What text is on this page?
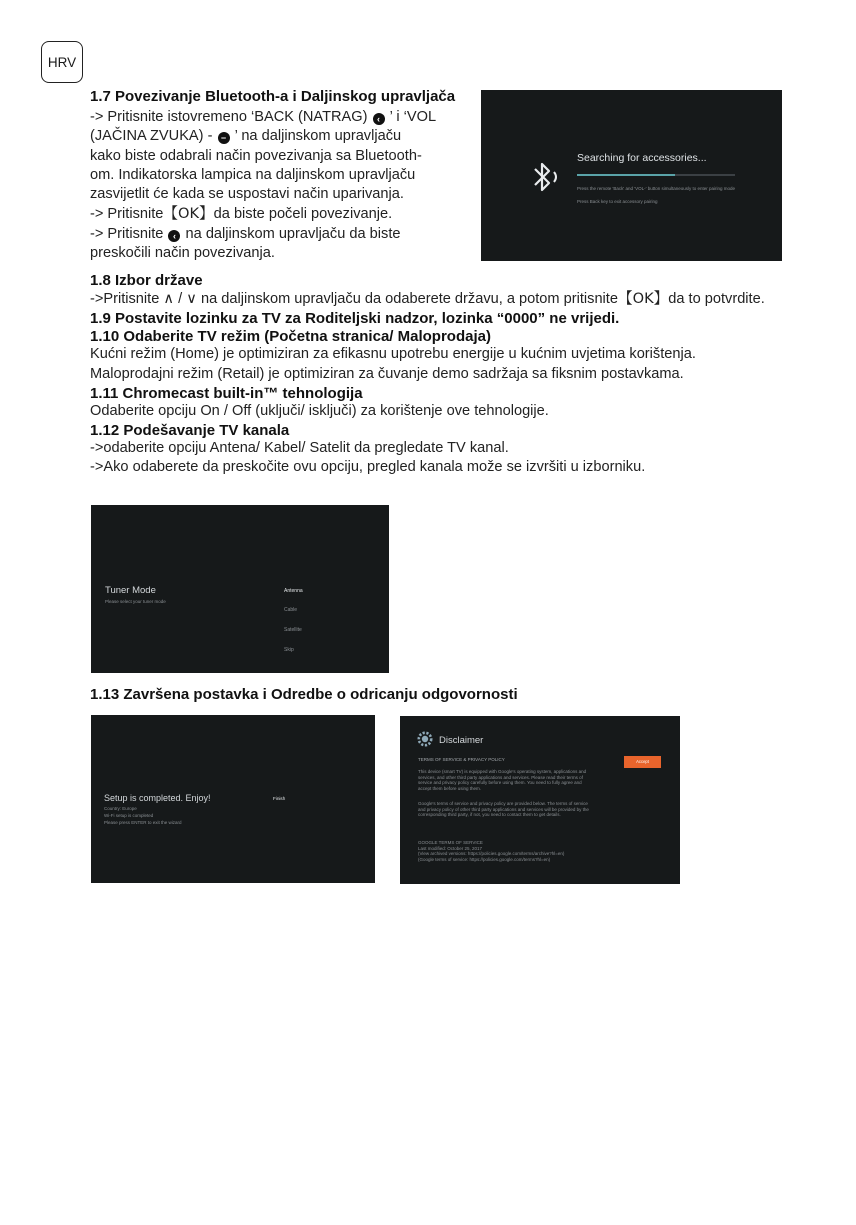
HRV
1.7 Povezivanje Bluetooth-a i Daljinskog upravljača
-> Pritisnite istovremeno ‘BACK (NATRAG) ‹ ’ i ‘VOL
(JAČINA ZVUKA) - − ’ na daljinskom upravljaču
kako biste odabrali način povezivanja sa Bluetooth-
om. Indikatorska lampica na daljinskom upravljaču
zasvijetlit će kada se uspostavi način uparivanja.
-> Pritisnite【OK】da biste počeli povezivanje.
-> Pritisnite ‹ na daljinskom upravljaču da biste
preskočili način povezivanja.
Searching for accessories...
Press the remote 'Back' and 'VOL-' button simultaneously to enter pairing mode
Press Back key to exit accessory pairing
1.8 Izbor države
->Pritisnite ∧ / ∨ na daljinskom upravljaču da odaberete državu, a potom pritisnite【OK】da to potvrdite.
1.9 Postavite lozinku za TV za Roditeljski nadzor, lozinka “0000” ne vrijedi.
1.10 Odaberite TV režim (Početna stranica/ Maloprodaja)
Kućni režim (Home) je optimiziran za efikasnu upotrebu energije u kućnim uvjetima korištenja.
Maloprodajni režim (Retail) je optimiziran za čuvanje demo sadržaja sa fiksnim postavkama.
1.11 Chromecast built-in™ tehnologija
Odaberite opciju On / Off (uključi/ isključi) za korištenje ove tehnologije.
1.12 Podešavanje TV kanala
->odaberite opciju Antena/ Kabel/ Satelit da pregledate TV kanal.
->Ako odaberete da preskočite ovu opciju, pregled kanala može se izvršiti u izborniku.
Tuner Mode
Please select your tuner mode
Antenna
Cable
Satellite
Skip
1.13 Završena postavka i Odredbe o odricanju odgovornosti
Setup is completed. Enjoy!
Country: Europe
Wi-Fi setup is completed
Please press ENTER to exit the wizard
Finish
Disclaimer
TERMS OF SERVICE & PRIVACY POLICY	Accept
This device (smart TV) is equipped with Google's operating system, applications and
services, and other third party applications and services. Please read their terms of
service and privacy policy carefully before using them. You need to fully agree and
accept them before using them.
Google's terms of service and privacy policy are provided below. The terms of service
and privacy policy of other third party applications and services will be provided by the
corresponding third party, if not, you need to contact them to get details.
GOOGLE TERMS OF SERVICE
Last modified: October 25, 2017
(View archived versions: https://policies.google.com/terms/archive?hl=en)
(Google terms of service: https://policies.google.com/terms?hl=en)
